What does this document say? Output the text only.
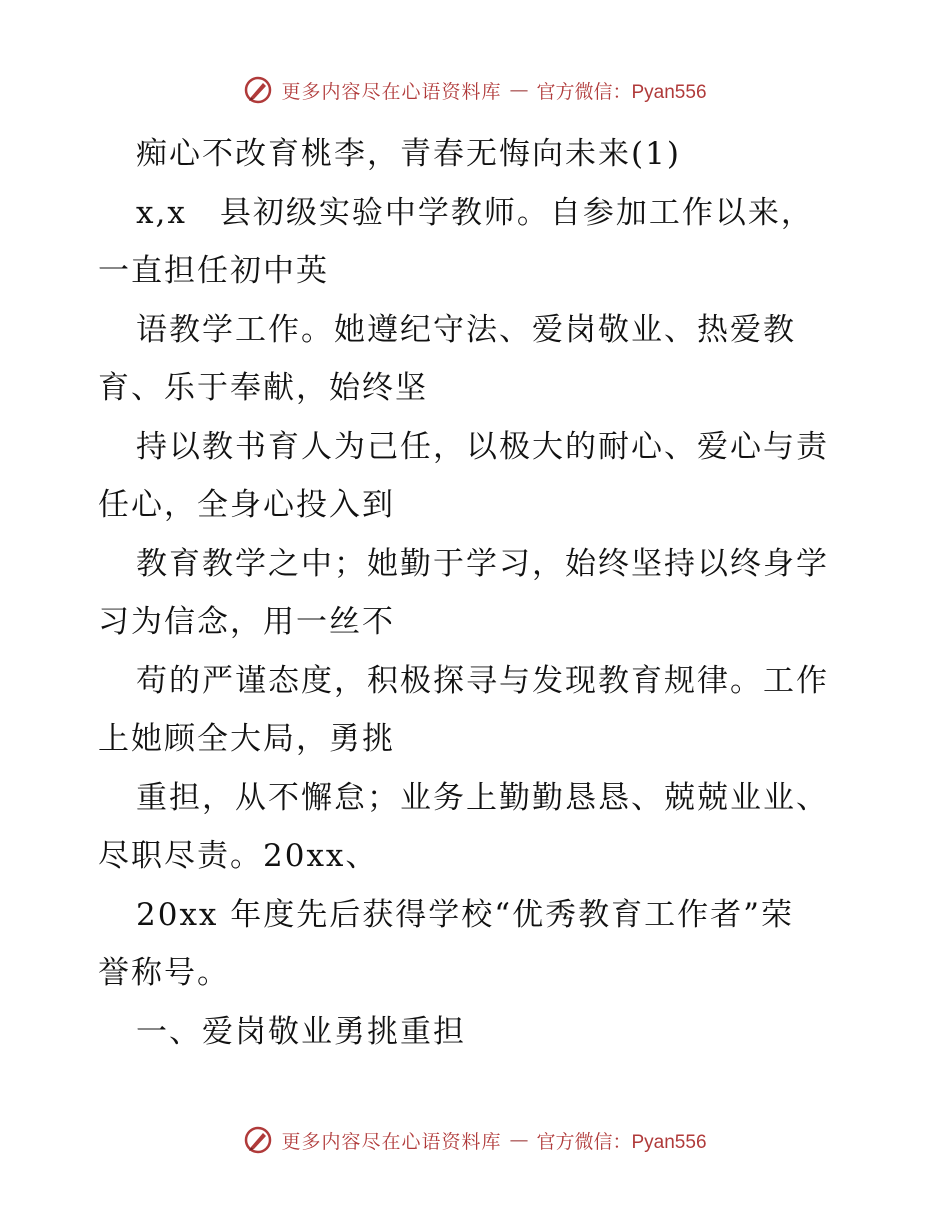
更多内容尽在心语资料库 — 官方微信：Pyan556
痴心不改育桃李，青春无悔向未来(1)
x,x　县初级实验中学教师。自参加工作以来，
一直担任初中英
语教学工作。她遵纪守法、爱岗敬业、热爱教
育、乐于奉献，始终坚
持以教书育人为己任，以极大的耐心、爱心与责
任心，全身心投入到
教育教学之中；她勤于学习，始终坚持以终身学
习为信念，用一丝不
苟的严谨态度，积极探寻与发现教育规律。工作
上她顾全大局，勇挑
重担，从不懈怠；业务上勤勤恳恳、兢兢业业、
尽职尽责。20xx、
20xx 年度先后获得学校“优秀教育工作者”荣
誉称号。
一、爱岗敬业勇挑重担
更多内容尽在心语资料库 — 官方微信：Pyan556
